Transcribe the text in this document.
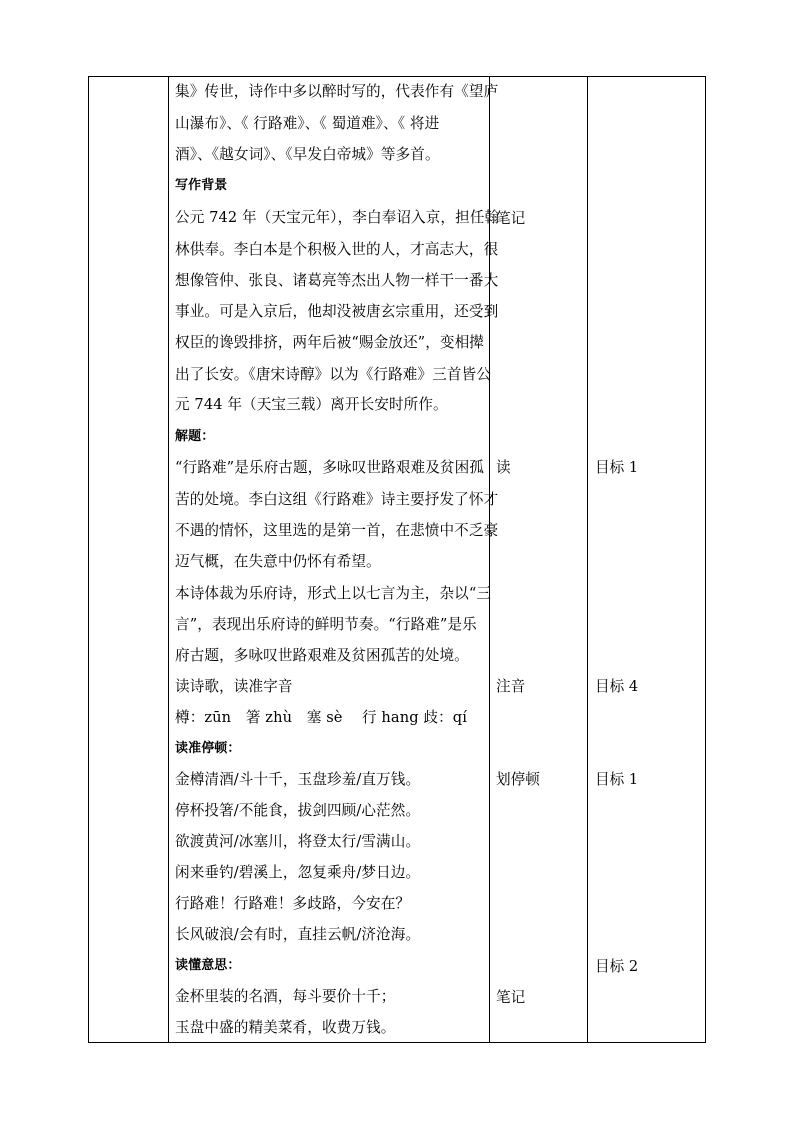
集》传世，诗作中多以醉时写的，代表作有《望庐
山瀑布》、《 行路难》、《 蜀道难》、《 将进
酒》、《越女词》、《早发白帝城》等多首。
写作背景
公元 742 年（天宝元年），李白奉诏入京，担任翰
林供奉。李白本是个积极入世的人，才高志大，很
想像管仲、张良、诸葛亮等杰出人物一样干一番大
事业。可是入京后，他却没被唐玄宗重用，还受到
权臣的谗毁排挤，两年后被“赐金放还”，变相撵
出了长安。《唐宋诗醇》以为《行路难》三首皆公
元 744 年（天宝三载）离开长安时所作。
解题：
“行路难”是乐府古题，多咏叹世路艰难及贫困孤
苦的处境。李白这组《行路难》诗主要抒发了怀才
不遇的情怀，这里选的是第一首，在悲愤中不乏豪
迈气概，在失意中仍怀有希望。
本诗体裁为乐府诗，形式上以七言为主，杂以“三
言”，表现出乐府诗的鲜明节奏。“行路难”是乐
府古题，多咏叹世路艰难及贫困孤苦的处境。
读诗歌，读准字音
樽：zūn　箸 zhù　塞 sè　 行 hang 歧：qí
读准停顿：
金樽清酒/斗十千，玉盘珍羞/直万钱。
停杯投箸/不能食，拔剑四顾/心茫然。
欲渡黄河/冰塞川，将登太行/雪满山。
闲来垂钓/碧溪上，忽复乘舟/梦日边。
行路难！行路难！多歧路，今安在？
长风破浪/会有时，直挂云帆/济沧海。
读懂意思：
金杯里装的名酒，每斗要价十千；
玉盘中盛的精美菜肴，收费万钱。
笔记
读
注音
划停顿
笔记
目标 1
目标 4
目标 1
目标 2
